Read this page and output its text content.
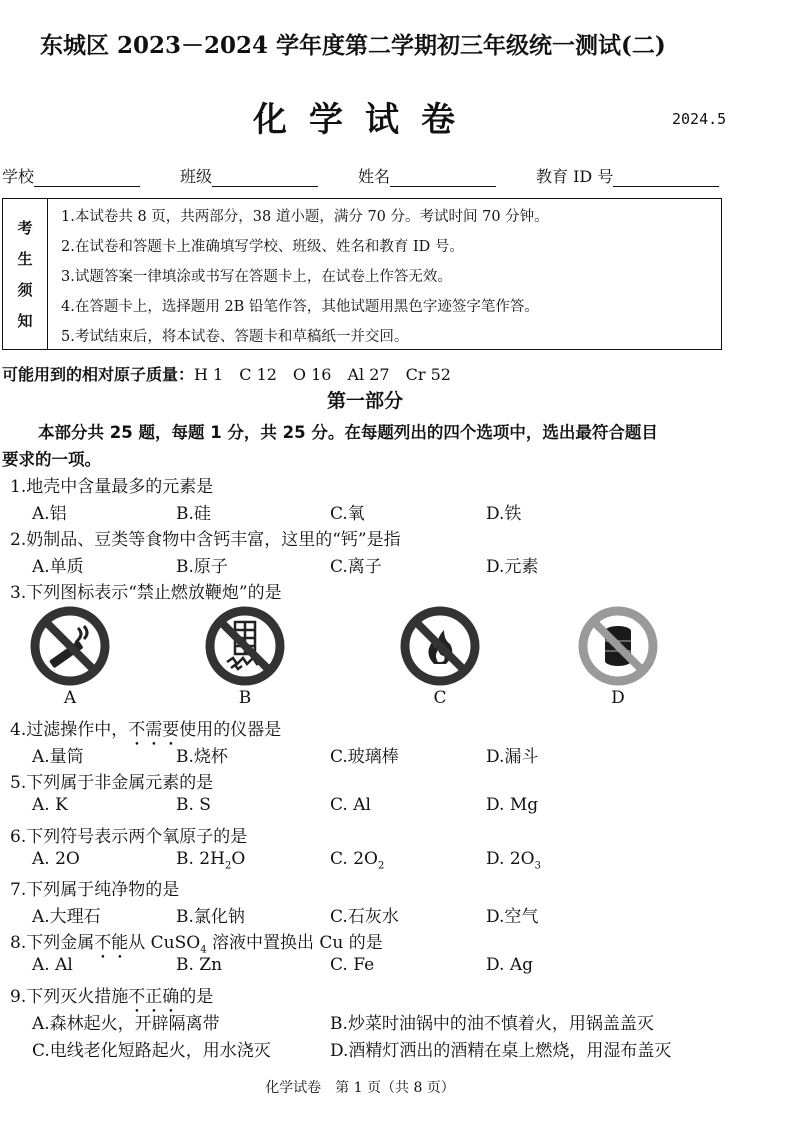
东城区 2023－2024 学年度第二学期初三年级统一测试(二)
化学试卷	2024.5
学校	班级	姓名	教育 ID 号
考
生
须
知
1.本试卷共 8 页，共两部分，38 道小题，满分 70 分。考试时间 70 分钟。
2.在试卷和答题卡上准确填写学校、班级、姓名和教育 ID 号。
3.试题答案一律填涂或书写在答题卡上，在试卷上作答无效。
4.在答题卡上，选择题用 2B 铅笔作答，其他试题用黑色字迹签字笔作答。
5.考试结束后，将本试卷、答题卡和草稿纸一并交回。
可能用到的相对原子质量：H 1　C 12　O 16　Al 27　Cr 52
第一部分
本部分共 25 题，每题 1 分，共 25 分。在每题列出的四个选项中，选出最符合题目
要求的一项。
1.地壳中含量最多的元素是
A.铝	B.硅	C.氧	D.铁
2.奶制品、豆类等食物中含钙丰富，这里的“钙”是指
A.单质	B.原子	C.离子	D.元素
3.下列图标表示“禁止燃放鞭炮”的是
A	B	C	D
4.过滤操作中，不需要使用的仪器是
A.量筒	B.烧杯	C.玻璃棒	D.漏斗
5.下列属于非金属元素的是
A. K	B. S	C. Al	D. Mg
6.下列符号表示两个氧原子的是
A. 2O	B. $2H_2O$	C. $2O_2$	D. $2O_3$
7.下列属于纯净物的是
A.大理石	B.氯化钠	C.石灰水	D.空气
8.下列金属不能从 CuSO$_4$ 溶液中置换出 Cu 的是
A. Al	B. Zn	C. Fe	D. Ag
9.下列灭火措施不正确的是
A.森林起火，开辟隔离带	B.炒菜时油锅中的油不慎着火，用锅盖盖灭
C.电线老化短路起火，用水浇灭	D.酒精灯洒出的酒精在桌上燃烧，用湿布盖灭
化学试卷　第 1 页（共 8 页）
